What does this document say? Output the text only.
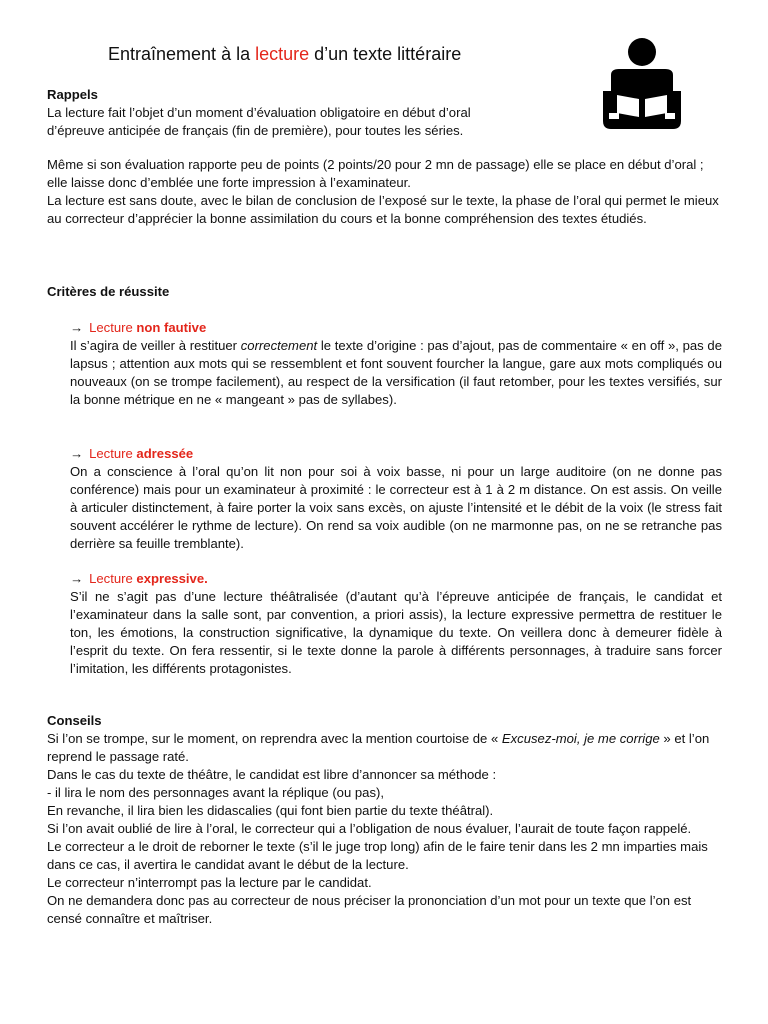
Entraînement à la lecture d’un texte littéraire

Rappels

La lecture fait l’objet d’un moment d’évaluation obligatoire en début d’oral

d’épreuve anticipée de français (fin de première), pour toutes les séries.

Même si son évaluation rapporte peu de points (2 points/20 pour 2 mn de passage) elle se place en début d’oral ; elle laisse donc d’emblée une forte impression à l’examinateur.

La lecture est sans doute, avec le bilan de conclusion de l’exposé sur le texte, la phase de l’oral qui permet le mieux au correcteur d’apprécier la bonne assimilation du cours et la bonne compréhension des textes étudiés.

Critères de réussite

→ Lecture non fautive

Il s’agira de veiller à restituer correctement le texte d’origine : pas d’ajout, pas de commentaire « en off », pas de lapsus ; attention aux mots qui se ressemblent et font souvent fourcher la langue, gare aux mots compliqués ou nouveaux (on se trompe facilement), au respect de la versification (il faut retomber, pour les textes versifiés, sur la bonne métrique en ne « mangeant » pas de syllabes).

→ Lecture adressée

On a conscience à l’oral qu’on lit non pour soi à voix basse, ni pour un large auditoire (on ne donne pas conférence) mais pour un examinateur à proximité : le correcteur est à 1 à 2 m distance. On est assis. On veille à articuler distinctement, à faire porter la voix sans excès, on ajuste l’intensité et le débit de la voix (le stress fait souvent accélérer le rythme de lecture). On rend sa voix audible (on ne marmonne pas, on ne se retranche pas derrière sa feuille tremblante).

→ Lecture expressive.

S’il ne s’agit pas d’une lecture théâtralisée (d’autant qu’à l’épreuve anticipée de français, le candidat et l’examinateur dans la salle sont, par convention, a priori assis), la lecture expressive permettra de restituer le ton, les émotions, la construction significative, la dynamique du texte. On veillera donc à demeurer fidèle à l’esprit du texte. On fera ressentir, si le texte donne la parole à différents personnages, à traduire sans forcer l’imitation, les différents protagonistes.

Conseils

Si l’on se trompe, sur le moment, on reprendra avec la mention courtoise de « Excusez-moi, je me corrige » et l’on reprend le passage raté.

Dans le cas du texte de théâtre, le candidat est libre d’annoncer sa méthode :

- il lira le nom des personnages avant la réplique (ou pas),

En revanche, il lira bien les didascalies (qui font bien partie du texte théâtral).

Si l’on avait oublié de lire à l’oral, le correcteur qui a l’obligation de nous évaluer, l’aurait de toute façon rappelé.

Le correcteur a le droit de reborner le texte (s’il le juge trop long) afin de le faire tenir dans les 2 mn imparties mais dans ce cas, il avertira le candidat avant le début de la lecture.

Le correcteur n’interrompt pas la lecture par le candidat.

On ne demandera donc pas au correcteur de nous préciser la prononciation d’un mot pour un texte que l’on est censé connaître et maîtriser.
